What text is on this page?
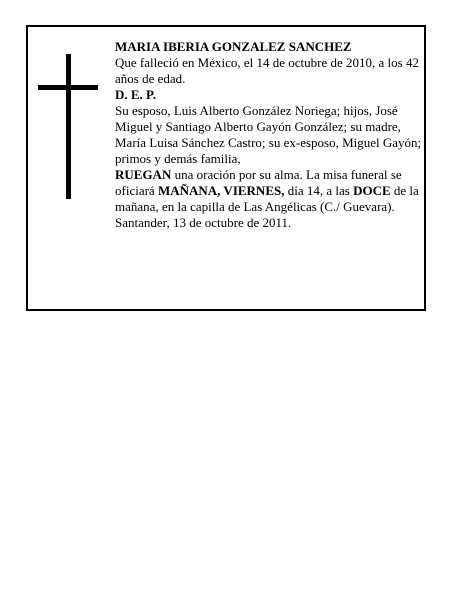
MARIA IBERIA GONZALEZ SANCHEZ

Que falleció en México, el 14 de octubre de 2010, a los 42 años de edad.

D. E. P.

Su esposo, Luis Alberto González Noriega; hijos, José Miguel y Santiago Alberto Gayón González; su madre, María Luisa Sánchez Castro; su ex-esposo, Miguel Gayón; primos y demás familia,

RUEGAN una oración por su alma. La misa funeral se oficiará MAÑANA, VIERNES, día 14, a las DOCE de la mañana, en la capilla de Las Angélicas (C./ Guevara).

Santander, 13 de octubre de 2011.
